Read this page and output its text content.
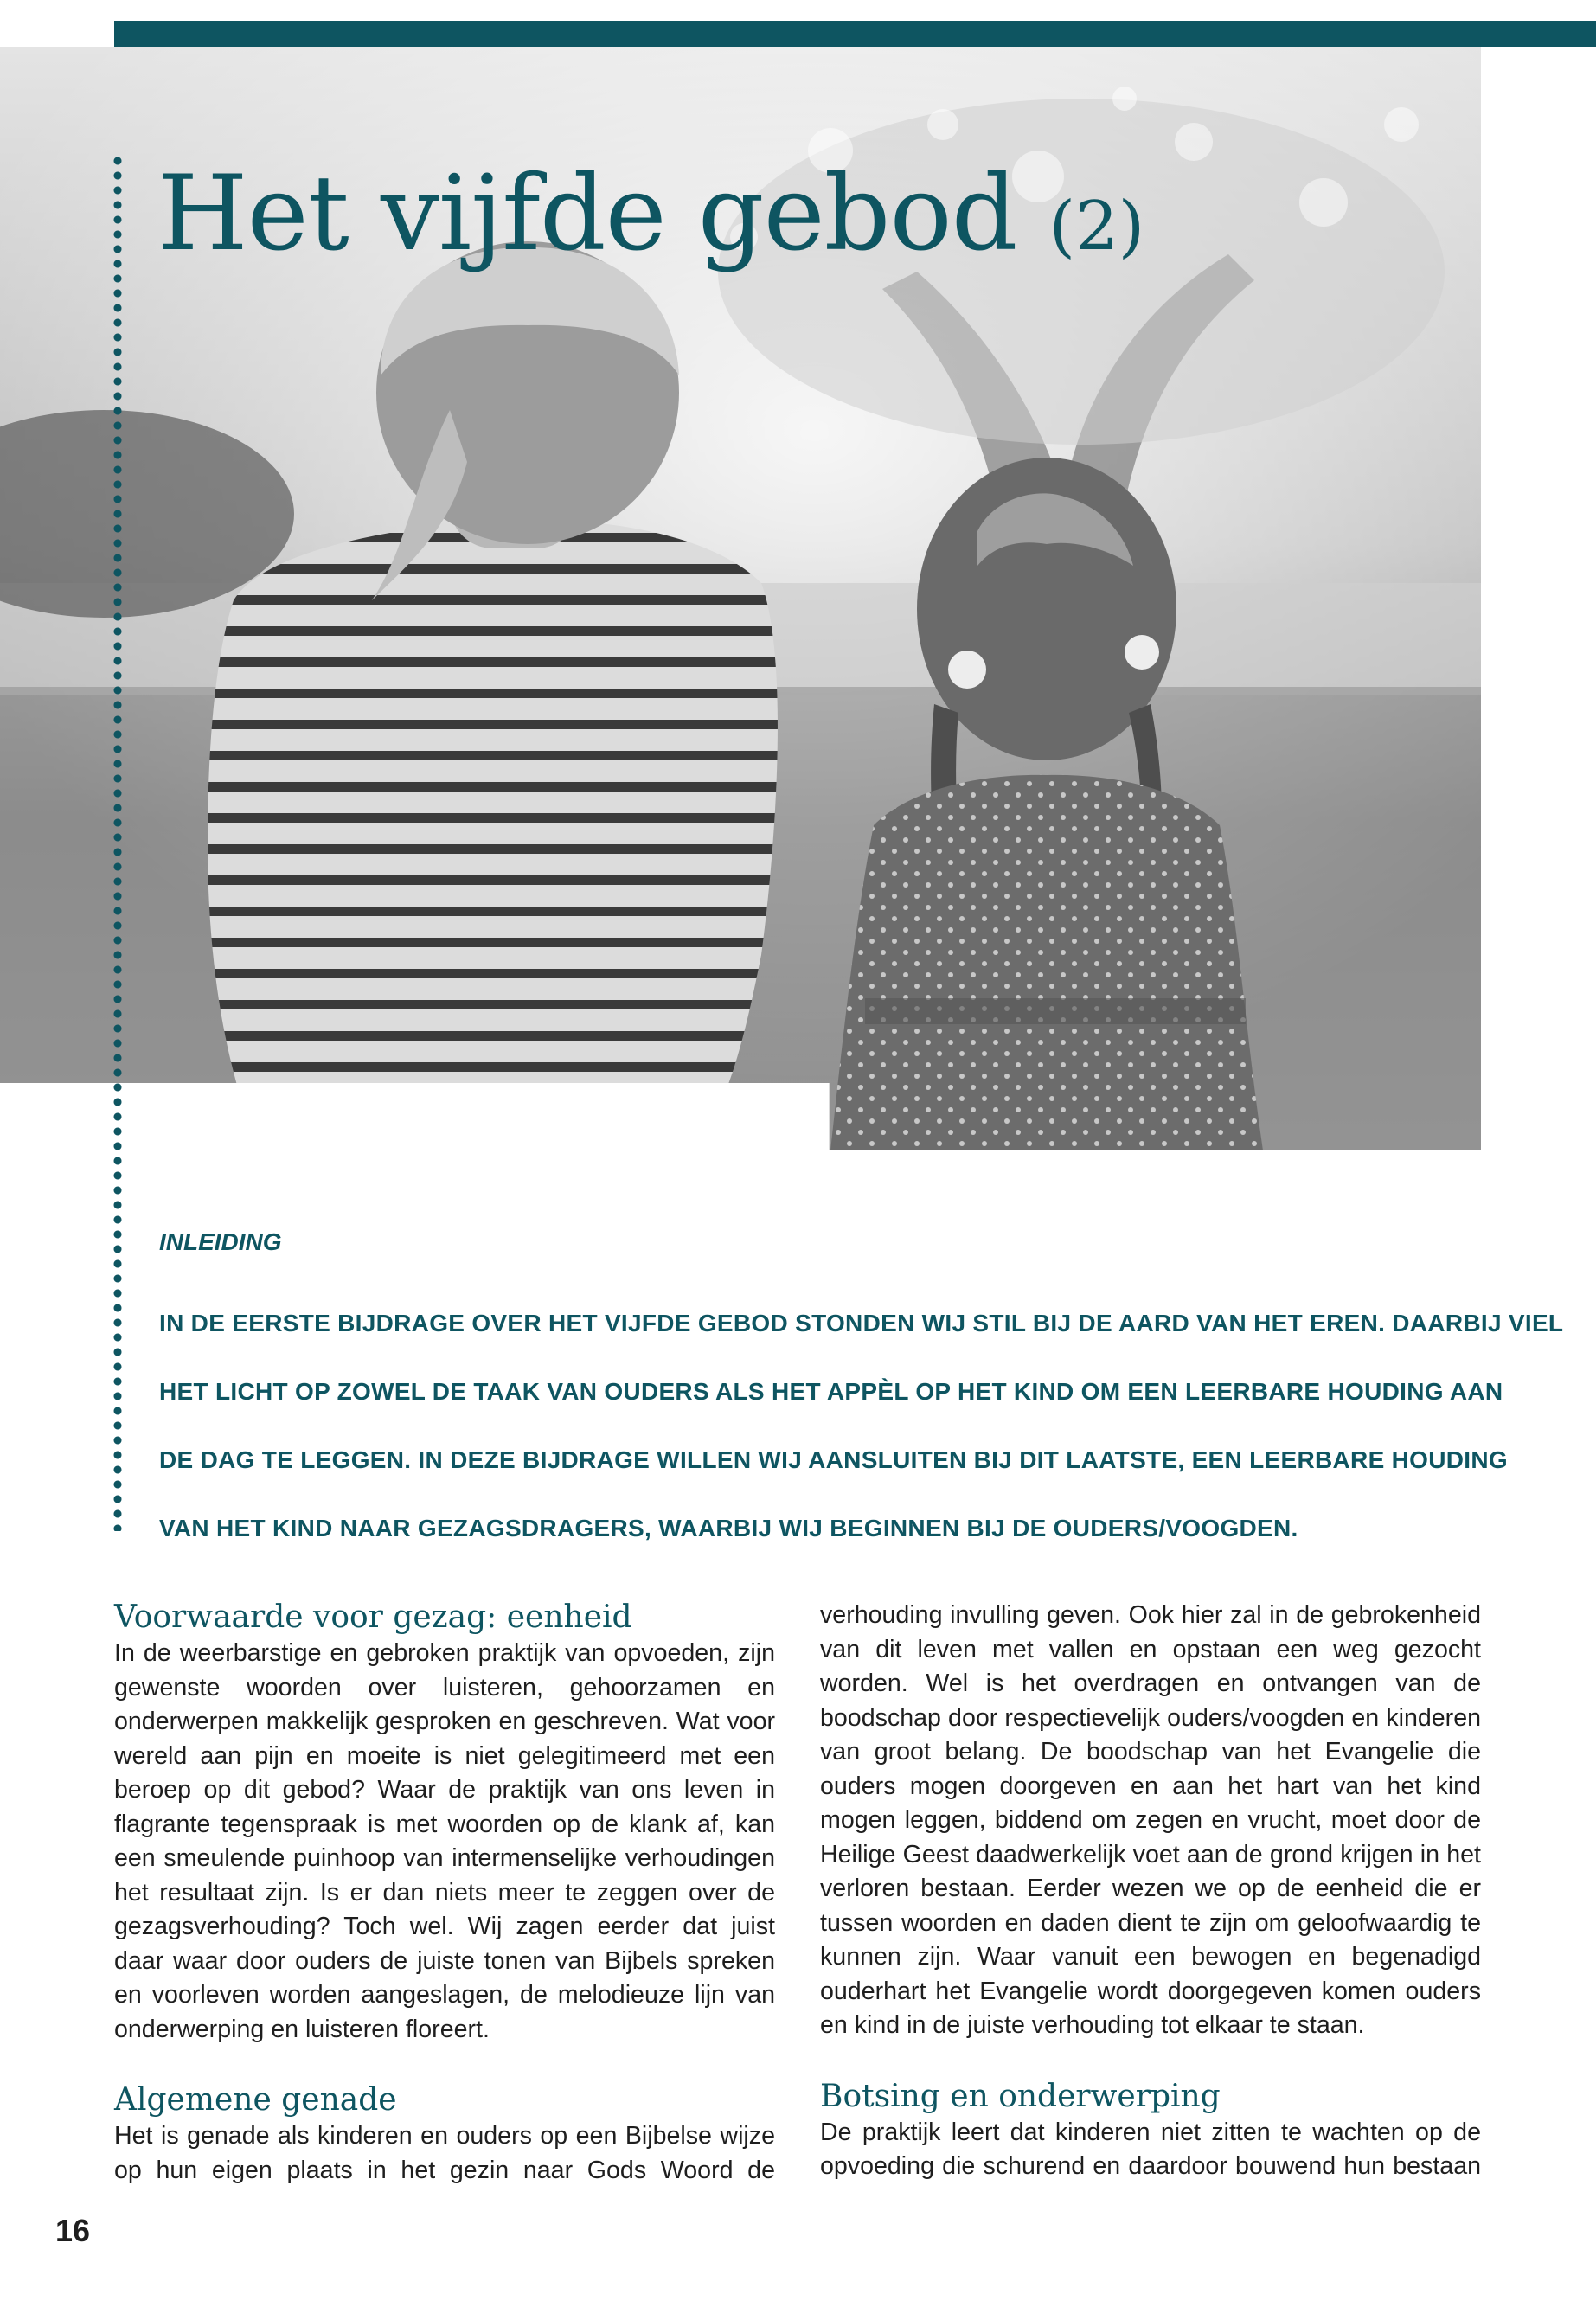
Het vijfde gebod (2)
INLEIDING
IN DE EERSTE BIJDRAGE OVER HET VIJFDE GEBOD STONDEN WIJ STIL BIJ DE AARD VAN HET EREN. DAARBIJ VIEL
HET LICHT OP ZOWEL DE TAAK VAN OUDERS ALS HET APPÈL OP HET KIND OM EEN LEERBARE HOUDING AAN
DE DAG TE LEGGEN. IN DEZE BIJDRAGE WILLEN WIJ AANSLUITEN BIJ DIT LAATSTE, EEN LEERBARE HOUDING
VAN HET KIND NAAR GEZAGSDRAGERS, WAARBIJ WIJ BEGINNEN BIJ DE OUDERS/VOOGDEN.
Voorwaarde voor gezag: eenheid

In de weerbarstige en gebroken praktijk van opvoeden, zijn gewenste woorden over luisteren, gehoorzamen en onderwerpen makkelijk gesproken en geschreven. Wat voor wereld aan pijn en moeite is niet gelegitimeerd met een beroep op dit gebod? Waar de praktijk van ons leven in flagrante tegenspraak is met woorden op de klank af, kan een smeulende puinhoop van intermenselijke verhoudingen het resultaat zijn. Is er dan niets meer te zeggen over de gezagsverhouding? Toch wel. Wij zagen eerder dat juist daar waar door ouders de juiste tonen van Bijbels spreken en voorleven worden aangeslagen, de melodieuze lijn van onderwerping en luisteren floreert.

Algemene genade

Het is genade als kinderen en ouders op een Bijbelse wijze op hun eigen plaats in het gezin naar Gods Woord de

verhouding invulling geven. Ook hier zal in de gebrokenheid van dit leven met vallen en opstaan een weg gezocht worden. Wel is het overdragen en ontvangen van de boodschap door respectievelijk ouders/voogden en kinderen van groot belang. De boodschap van het Evangelie die ouders mogen doorgeven en aan het hart van het kind mogen leggen, biddend om zegen en vrucht, moet door de Heilige Geest daadwerkelijk voet aan de grond krijgen in het verloren bestaan. Eerder wezen we op de eenheid die er tussen woorden en daden dient te zijn om geloofwaardig te kunnen zijn. Waar vanuit een bewogen en begenadigd ouderhart het Evangelie wordt doorgegeven komen ouders en kind in de juiste verhouding tot elkaar te staan.

Botsing en onderwerping

De praktijk leert dat kinderen niet zitten te wachten op de opvoeding die schurend en daardoor bouwend hun bestaan

16
